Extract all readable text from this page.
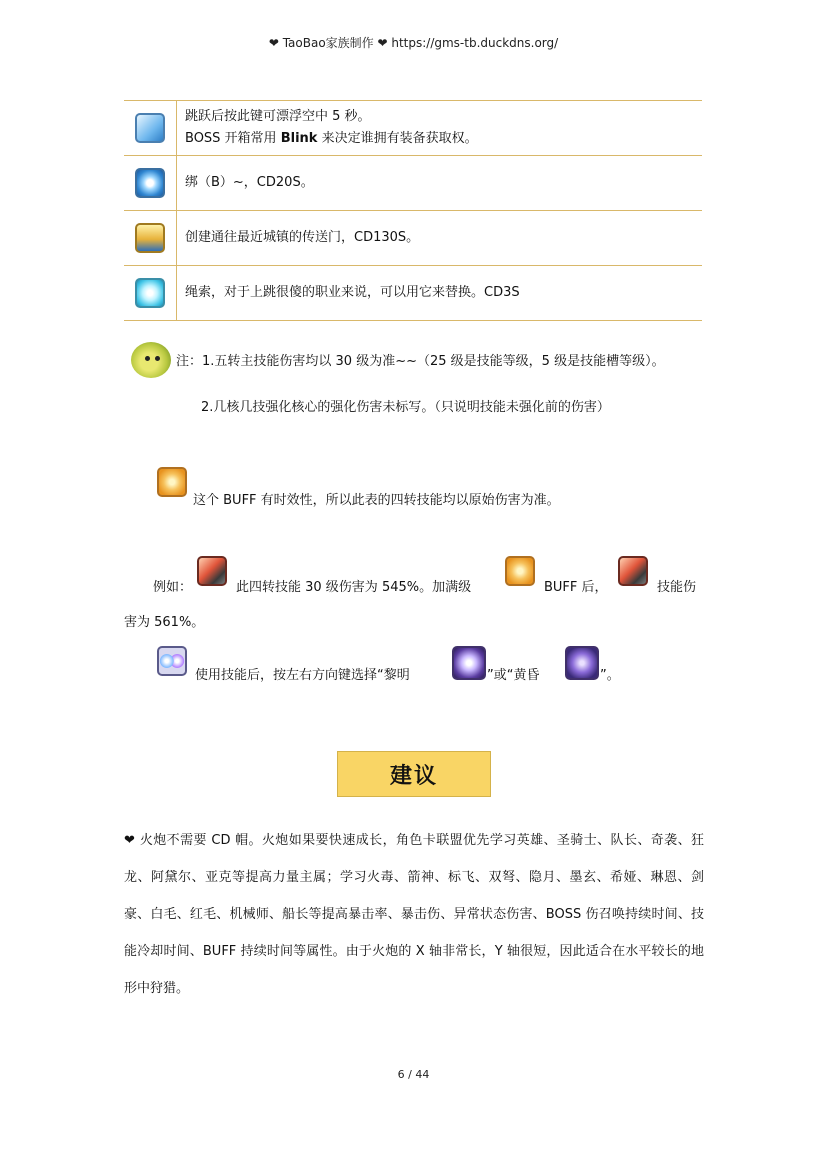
❤ TaoBao家族制作 ❤ https://gms-tb.duckdns.org/

	跳跃后按此键可漂浮空中 5 秒。
BOSS 开箱常用 Blink 来决定谁拥有装备获取权。

	绑（B）~，CD20S。
	创建通往最近城镇的传送门，CD130S。
	绳索，对于上跳很傻的职业来说，可以用它来替换。CD3S
注：1.五转主技能伤害均以 30 级为准~~（25 级是技能等级，5 级是技能槽等级）。
2.几核几技强化核心的强化伤害未标写。（只说明技能未强化前的伤害）
这个 BUFF 有时效性，所以此表的四转技能均以原始伤害为准。
例如：	此四转技能 30 级伤害为 545%。加满级	BUFF 后，	技能伤
害为 561%。
使用技能后，按左右方向键选择“黎明	”或“黄昏	”。
建议
❤ 火炮不需要 CD 帽。火炮如果要快速成长，角色卡联盟优先学习英雄、圣骑士、队长、奇袭、狂龙、阿黛尔、亚克等提高力量主属；学习火毒、箭神、标飞、双弩、隐月、墨玄、希娅、琳恩、剑豪、白毛、红毛、机械师、船长等提高暴击率、暴击伤、异常状态伤害、BOSS 伤召唤持续时间、技能冷却时间、BUFF 持续时间等属性。由于火炮的 X 轴非常长，Y 轴很短，因此适合在水平较长的地形中狩猎。
6 / 44
